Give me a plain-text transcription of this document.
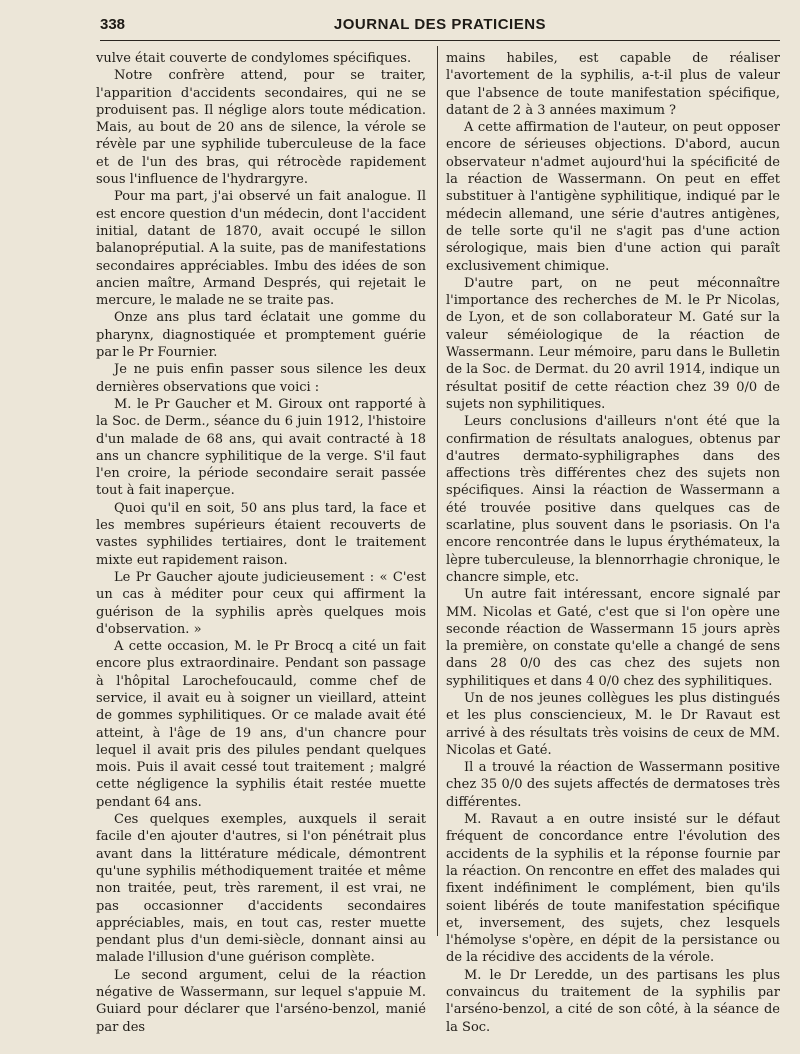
338	JOURNAL DES PRATICIENS

vulve était couverte de condylomes spécifiques.

Notre confrère attend, pour se traiter, l'apparition d'accidents secondaires, qui ne se produisent pas. Il néglige alors toute médication. Mais, au bout de 20 ans de silence, la vérole se révèle par une syphilide tuberculeuse de la face et de l'un des bras, qui rétrocède rapidement sous l'influence de l'hydrargyre.

Pour ma part, j'ai observé un fait analogue. Il est encore question d'un médecin, dont l'accident initial, datant de 1870, avait occupé le sillon balanopréputial. A la suite, pas de manifestations secondaires appréciables. Imbu des idées de son ancien maître, Armand Després, qui rejetait le mercure, le malade ne se traite pas.

Onze ans plus tard éclatait une gomme du pharynx, diagnostiquée et promptement guérie par le Pr Fournier.

Je ne puis enfin passer sous silence les deux dernières observations que voici :

M. le Pr Gaucher et M. Giroux ont rapporté à la Soc. de Derm., séance du 6 juin 1912, l'histoire d'un malade de 68 ans, qui avait contracté à 18 ans un chancre syphilitique de la verge. S'il faut l'en croire, la période secondaire serait passée tout à fait inaperçue.

Quoi qu'il en soit, 50 ans plus tard, la face et les membres supérieurs étaient recouverts de vastes syphilides tertiaires, dont le traitement mixte eut rapidement raison.

Le Pr Gaucher ajoute judicieusement : « C'est un cas à méditer pour ceux qui affirment la guérison de la syphilis après quelques mois d'observation. »

A cette occasion, M. le Pr Brocq a cité un fait encore plus extraordinaire. Pendant son passage à l'hôpital Larochefoucauld, comme chef de service, il avait eu à soigner un vieillard, atteint de gommes syphilitiques. Or ce malade avait été atteint, à l'âge de 19 ans, d'un chancre pour lequel il avait pris des pilules pendant quelques mois. Puis il avait cessé tout traitement ; malgré cette négligence la syphilis était restée muette pendant 64 ans.

Ces quelques exemples, auxquels il serait facile d'en ajouter d'autres, si l'on pénétrait plus avant dans la littérature médicale, démontrent qu'une syphilis méthodiquement traitée et même non traitée, peut, très rarement, il est vrai, ne pas occasionner d'accidents secondaires appréciables, mais, en tout cas, rester muette pendant plus d'un demi-siècle, donnant ainsi au malade l'illusion d'une guérison complète.

Le second argument, celui de la réaction négative de Wassermann, sur lequel s'appuie M. Guiard pour déclarer que l'arséno-benzol, manié par des

mains habiles, est capable de réaliser l'avortement de la syphilis, a-t-il plus de valeur que l'absence de toute manifestation spécifique, datant de 2 à 3 années maximum ?

A cette affirmation de l'auteur, on peut opposer encore de sérieuses objections. D'abord, aucun observateur n'admet aujourd'hui la spécificité de la réaction de Wassermann. On peut en effet substituer à l'antigène syphilitique, indiqué par le médecin allemand, une série d'autres antigènes, de telle sorte qu'il ne s'agit pas d'une action sérologique, mais bien d'une action qui paraît exclusivement chimique.

D'autre part, on ne peut méconnaître l'importance des recherches de M. le Pr Nicolas, de Lyon, et de son collaborateur M. Gaté sur la valeur séméiologique de la réaction de Wassermann. Leur mémoire, paru dans le Bulletin de la Soc. de Dermat. du 20 avril 1914, indique un résultat positif de cette réaction chez 39 0/0 de sujets non syphilitiques.

Leurs conclusions d'ailleurs n'ont été que la confirmation de résultats analogues, obtenus par d'autres dermato-syphiligraphes dans des affections très différentes chez des sujets non spécifiques. Ainsi la réaction de Wassermann a été trouvée positive dans quelques cas de scarlatine, plus souvent dans le psoriasis. On l'a encore rencontrée dans le lupus érythémateux, la lèpre tuberculeuse, la blennorrhagie chronique, le chancre simple, etc.

Un autre fait intéressant, encore signalé par MM. Nicolas et Gaté, c'est que si l'on opère une seconde réaction de Wassermann 15 jours après la première, on constate qu'elle a changé de sens dans 28 0/0 des cas chez des sujets non syphilitiques et dans 4 0/0 chez des syphilitiques.

Un de nos jeunes collègues les plus distingués et les plus consciencieux, M. le Dr Ravaut est arrivé à des résultats très voisins de ceux de MM. Nicolas et Gaté.

Il a trouvé la réaction de Wassermann positive chez 35 0/0 des sujets affectés de dermatoses très différentes.

M. Ravaut a en outre insisté sur le défaut fréquent de concordance entre l'évolution des accidents de la syphilis et la réponse fournie par la réaction. On rencontre en effet des malades qui fixent indéfiniment le complément, bien qu'ils soient libérés de toute manifestation spécifique et, inversement, des sujets, chez lesquels l'hémolyse s'opère, en dépit de la persistance ou de la récidive des accidents de la vérole.

M. le Dr Leredde, un des partisans les plus convaincus du traitement de la syphilis par l'arséno-benzol, a cité de son côté, à la séance de la Soc.
